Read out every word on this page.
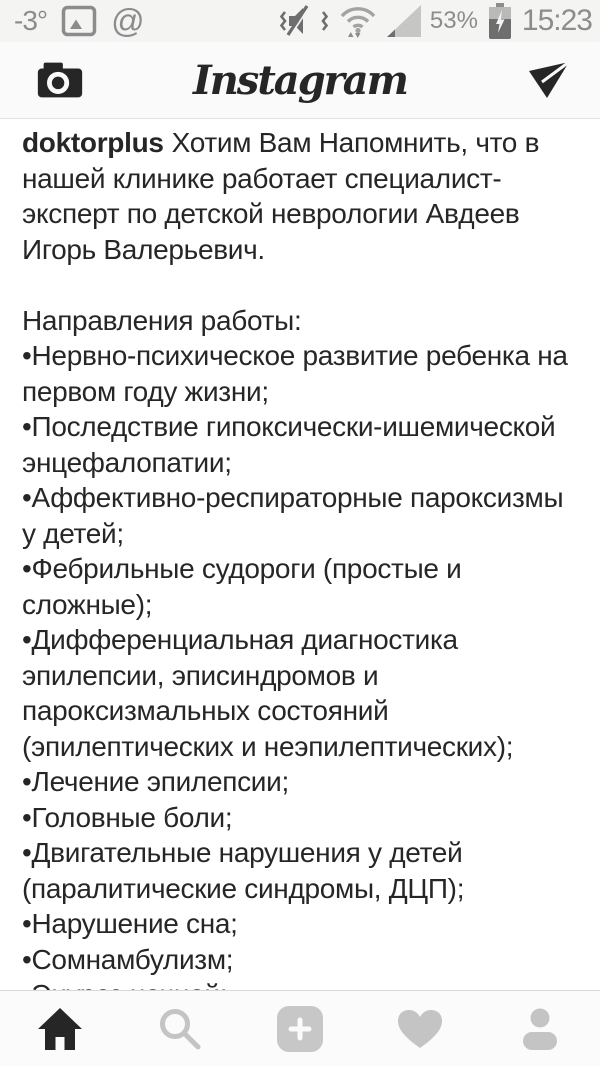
-3° @	53% 15:23
Instagram
doktorplus Хотим Вам Напомнить, что в
нашей клинике работает специалист-
эксперт по детской неврологии Авдеев
Игорь Валерьевич.

Направления работы:
•Нервно-психическое развитие ребенка на
первом году жизни;
•Последствие гипоксически-ишемической
энцефалопатии;
•Аффективно-респираторные пароксизмы
у детей;
•Фебрильные судороги (простые и
сложные);
•Дифференциальная диагностика
эпилепсии, эписиндромов и
пароксизмальных состояний
(эпилептических и неэпилептических);
•Лечение эпилепсии;
•Головные боли;
•Двигательные нарушения у детей
(паралитические синдромы, ДЦП);
•Нарушение сна;
•Сомнамбулизм;
